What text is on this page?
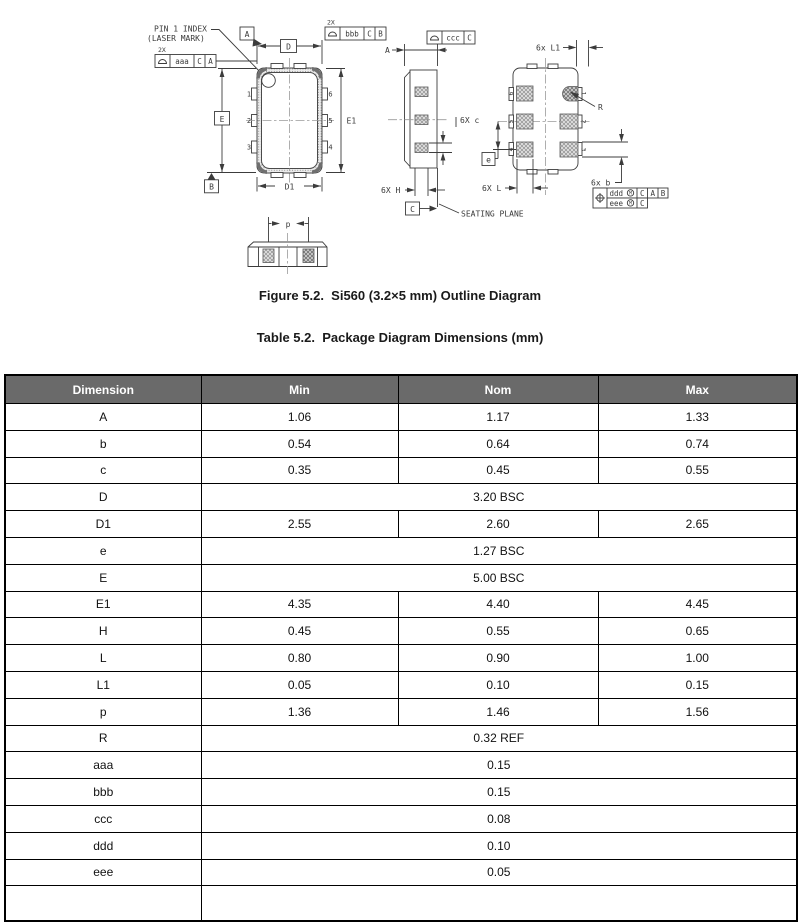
PIN 1 INDEX
(LASER MARK)
2X
aaa C A
A
D
2X
bbb C B
E
B
1
2
3
6
5
4
D1
E1
ccc C
A
6X c
6X H
C
SEATING PLANE
6x L1
6
5
4
1
2
3
R
e
6X L
6x b
ddd M C A B
eee M C
p
Figure 5.2.  Si560 (3.2×5 mm) Outline Diagram
Table 5.2.  Package Diagram Dimensions (mm)
Dimension	Min	Nom	Max
A	1.06	1.17	1.33
b	0.54	0.64	0.74
c	0.35	0.45	0.55
D	3.20 BSC		
D1	2.55	2.60	2.65
e	1.27 BSC		
E	5.00 BSC		
E1	4.35	4.40	4.45
H	0.45	0.55	0.65
L	0.80	0.90	1.00
L1	0.05	0.10	0.15
p	1.36	1.46	1.56
R	0.32 REF		
aaa	0.15		
bbb	0.15		
ccc	0.08		
ddd	0.10		
eee	0.05		
